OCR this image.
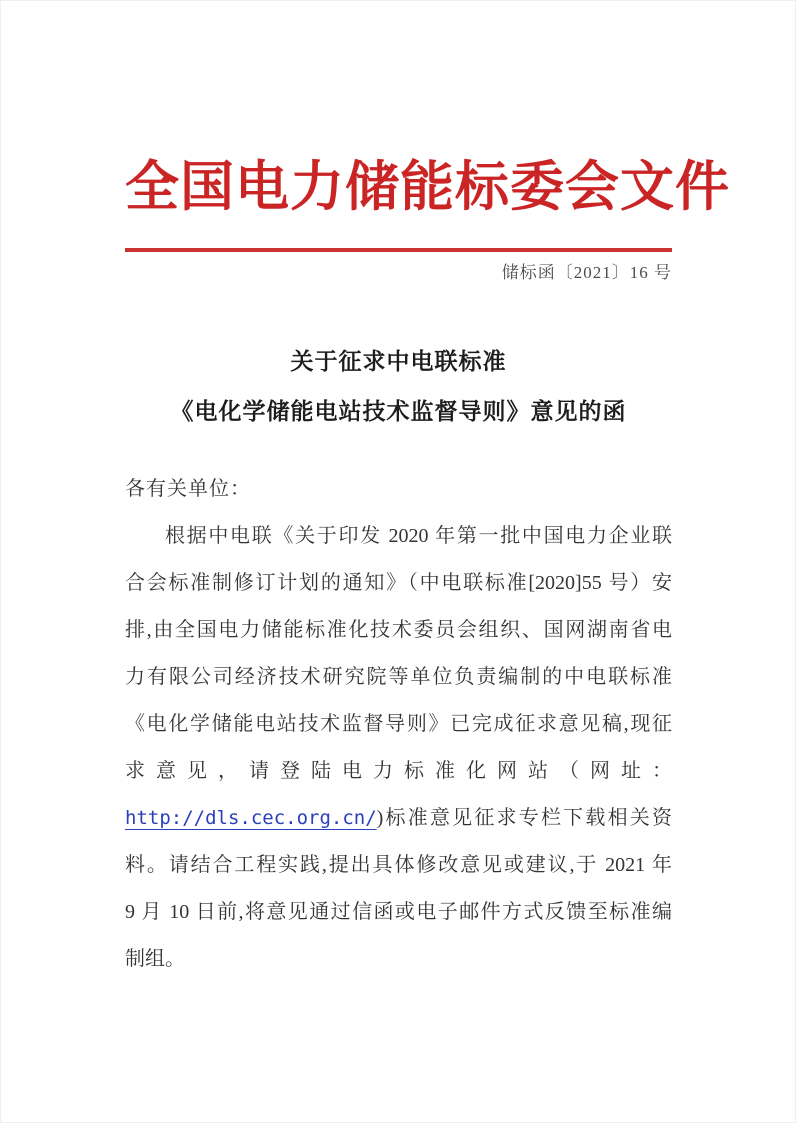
全国电力储能标委会文件
储标函〔2021〕16 号
关于征求中电联标准
《电化学储能电站技术监督导则》意见的函
各有关单位：
根据中电联《关于印发 2020 年第一批中国电力企业联
合会标准制修订计划的通知》（中电联标准[2020]55 号）安
排,由全国电力储能标准化技术委员会组织、国网湖南省电
力有限公司经济技术研究院等单位负责编制的中电联标准
《电化学储能电站技术监督导则》已完成征求意见稿,现征
求意见，请登陆电力标准化网站（网址：
http://dls.cec.org.cn/)标准意见征求专栏下载相关资
料。请结合工程实践,提出具体修改意见或建议,于 2021 年
9 月 10 日前,将意见通过信函或电子邮件方式反馈至标准编
制组。
